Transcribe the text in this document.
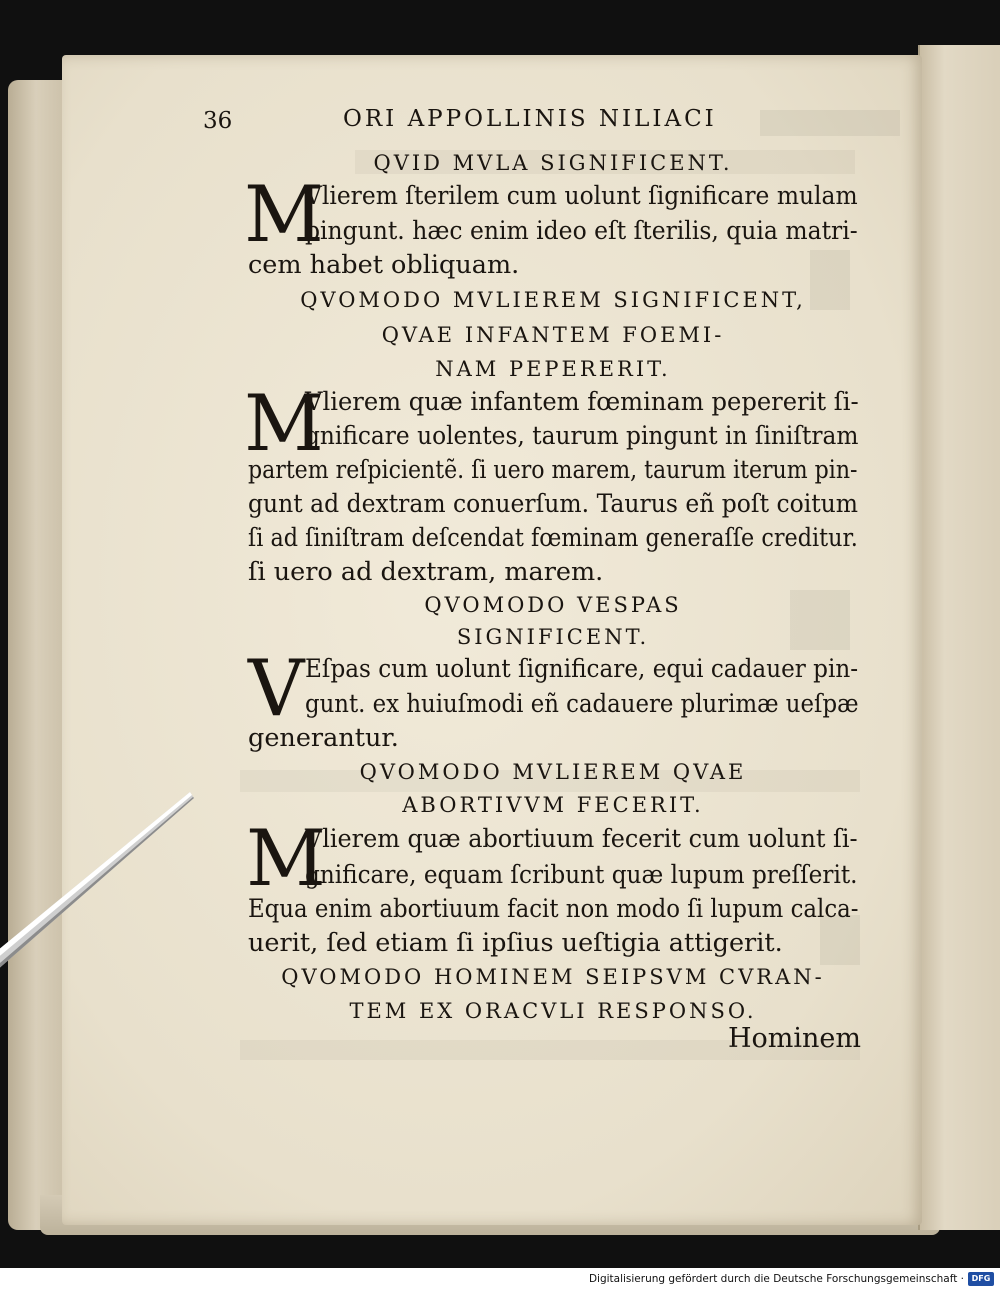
36	ORI APPOLLINIS NILIACI
QVID MVLA SIGNIFICENT.
M
Vlierem ſterilem cum uolunt ſignificare mulam
pingunt. hæc enim ideo eſt ſterilis, quia matri-
cem habet obliquam.
QVOMODO MVLIEREM SIGNIFICENT,
QVAE INFANTEM FOEMI-
NAM PEPERERIT.
M
Vlierem quæ infantem fœminam pepererit ſi-
gnificare uolentes, taurum pingunt in ſiniſtram
partem reſpicientẽ. ſi uero marem, taurum iterum pin-
gunt ad dextram conuerſum. Taurus eñ poſt coitum
ſi ad ſiniſtram deſcendat fœminam generaſſe creditur.
ſi uero ad dextram, marem.
QVOMODO VESPAS
SIGNIFICENT.
V Eſpas cum uolunt ſignificare, equi cadauer pin-
gunt. ex huiuſmodi eñ cadauere plurimæ ueſpæ
generantur.
QVOMODO MVLIEREM QVAE
ABORTIVVM FECERIT.
M
Vlierem quæ abortiuum fecerit cum uolunt ſi-
gnificare, equam ſcribunt quæ lupum preſſerit.
Equa enim abortiuum facit non modo ſi lupum calca-
uerit, ſed etiam ſi ipſius ueſtigia attigerit.
QVOMODO HOMINEM SEIPSVM CVRAN-
TEM EX ORACVLI RESPONSO.
Hominem
Digitalisierung gefördert durch die Deutsche Forschungsgemeinschaft · DFG
